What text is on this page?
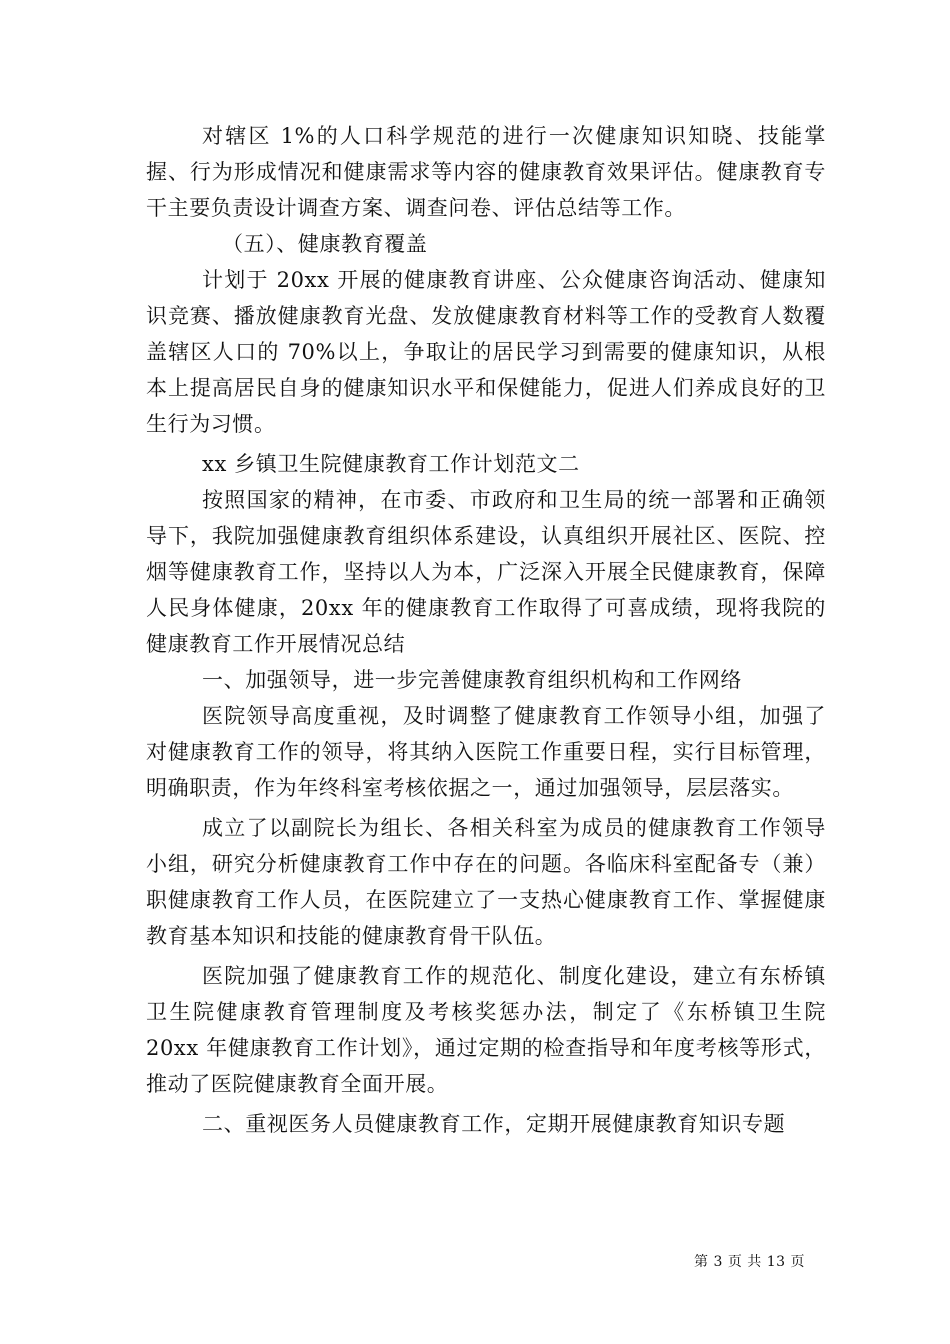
对辖区 1%的人口科学规范的进行一次健康知识知晓、技能掌握、行为形成情况和健康需求等内容的健康教育效果评估。健康教育专干主要负责设计调查方案、调查问卷、评估总结等工作。

（五）、健康教育覆盖

计划于 20xx 开展的健康教育讲座、公众健康咨询活动、健康知识竞赛、播放健康教育光盘、发放健康教育材料等工作的受教育人数覆盖辖区人口的 70%以上，争取让的居民学习到需要的健康知识，从根本上提高居民自身的健康知识水平和保健能力，促进人们养成良好的卫生行为习惯。

xx 乡镇卫生院健康教育工作计划范文二

按照国家的精神，在市委、市政府和卫生局的统一部署和正确领导下，我院加强健康教育组织体系建设，认真组织开展社区、医院、控烟等健康教育工作，坚持以人为本，广泛深入开展全民健康教育，保障人民身体健康，20xx 年的健康教育工作取得了可喜成绩，现将我院的健康教育工作开展情况总结

一、加强领导，进一步完善健康教育组织机构和工作网络

医院领导高度重视，及时调整了健康教育工作领导小组，加强了对健康教育工作的领导，将其纳入医院工作重要日程，实行目标管理，明确职责，作为年终科室考核依据之一，通过加强领导，层层落实。

成立了以副院长为组长、各相关科室为成员的健康教育工作领导小组，研究分析健康教育工作中存在的问题。各临床科室配备专（兼）职健康教育工作人员，在医院建立了一支热心健康教育工作、掌握健康教育基本知识和技能的健康教育骨干队伍。

医院加强了健康教育工作的规范化、制度化建设，建立有东桥镇卫生院健康教育管理制度及考核奖惩办法，制定了《东桥镇卫生院 20xx 年健康教育工作计划》，通过定期的检查指导和年度考核等形式，推动了医院健康教育全面开展。

二、重视医务人员健康教育工作，定期开展健康教育知识专题

第 3 页 共 13 页
